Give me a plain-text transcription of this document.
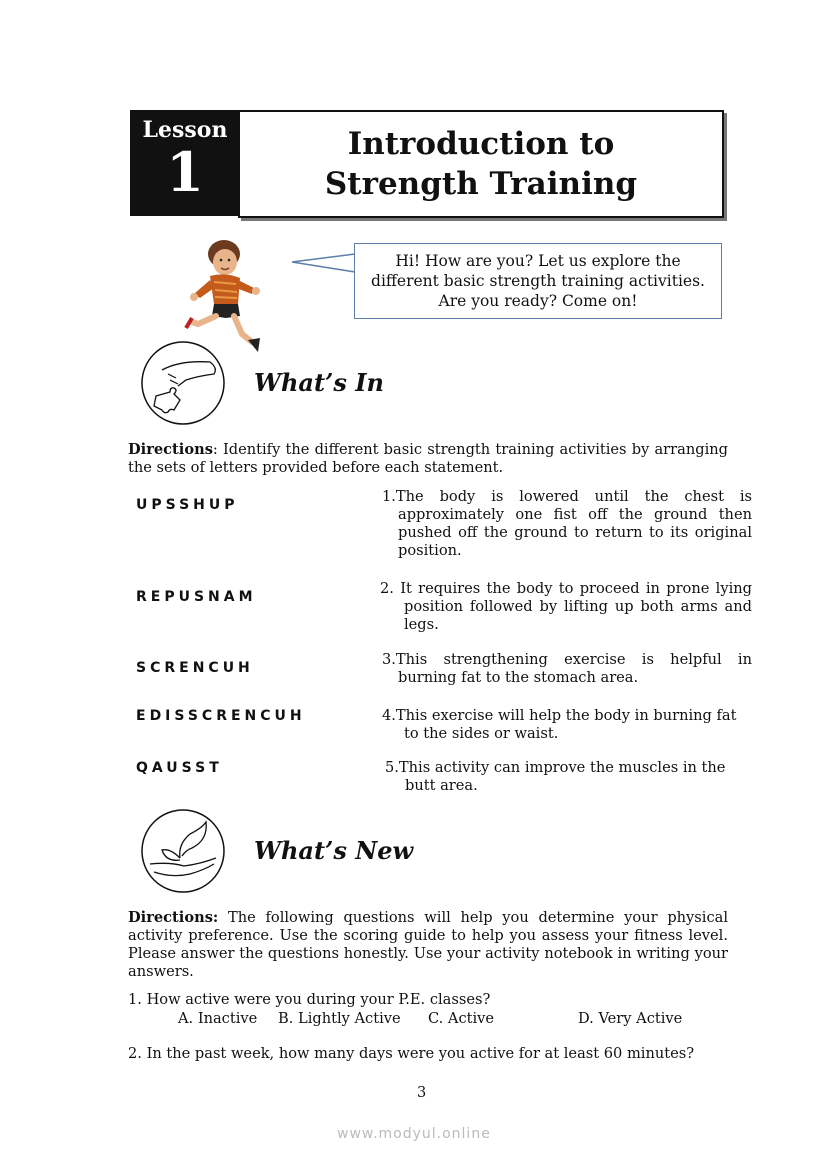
Lesson
1	Introduction to
Strength Training
Hi! How are you? Let us explore the
different basic strength training activities.
Are you ready? Come on!
What’s In
Directions: Identify the different basic strength training activities by arranging the sets of letters provided before each statement.
UPSSHUP	1.The body is lowered until the chest is approximately one fist off the ground then pushed off the ground to return to its original position.
REPUSNAM	2. It requires the body to proceed in prone lying position followed by lifting up both arms and legs.
SCRENCUH	3.This strengthening exercise is helpful in burning fat to the stomach area.
EDISSCRENCUH	4.This exercise will help the body in burning fat to the sides or waist.
QAUSST	5.This activity can improve the muscles in the butt area.
What’s New
Directions: The following questions will help you determine your physical activity preference. Use the scoring guide to help you assess your fitness level. Please answer the questions honestly. Use your activity notebook in writing your answers.
1. How active were you during your P.E. classes?
A. Inactive B. Lightly Active C. Active	D. Very Active
2. In the past week, how many days were you active for at least 60 minutes?
3
www.modyul.online
